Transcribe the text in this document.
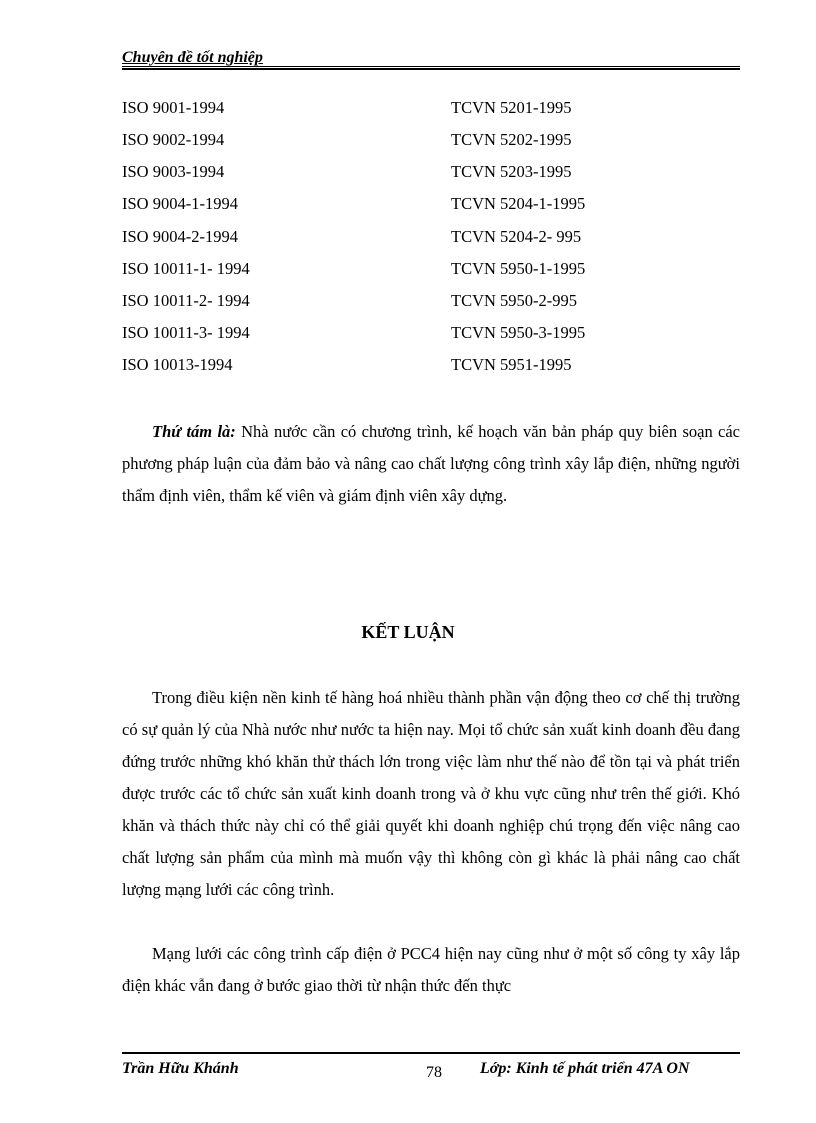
Chuyên đề tốt nghiệp
ISO 9001-1994	TCVN 5201-1995
ISO 9002-1994	TCVN 5202-1995
ISO 9003-1994	TCVN 5203-1995
ISO 9004-1-1994	TCVN 5204-1-1995
ISO 9004-2-1994	TCVN 5204-2- 995
ISO 10011-1- 1994	TCVN 5950-1-1995
ISO 10011-2- 1994	TCVN 5950-2-995
ISO 10011-3- 1994	TCVN 5950-3-1995
ISO 10013-1994	TCVN 5951-1995
Thứ tám là: Nhà nước cần có chương trình, kế hoạch văn bản pháp quy biên soạn các phương pháp luận của đảm bảo và nâng cao chất lượng công trình xây lắp điện, những người thẩm định viên, thẩm kế viên và giám định viên xây dựng.
KẾT LUẬN
Trong điều kiện nền kinh tế hàng hoá nhiều thành phần vận động theo cơ chế thị trường có sự quản lý của Nhà nước như nước ta hiện nay. Mọi tổ chức sản xuất kinh doanh đều đang đứng trước những khó khăn thử thách lớn trong việc làm như thế nào để tồn tại và phát triển được trước các tổ chức sản xuất kinh doanh trong và ở khu vực cũng như trên thế giới. Khó khăn và thách thức này chỉ có thể giải quyết khi doanh nghiệp chú trọng đến việc nâng cao chất lượng sản phẩm của mình mà muốn vậy thì không còn gì khác là phải nâng cao chất lượng mạng lưới các công trình.
Mạng lưới các công trình cấp điện ở PCC4 hiện nay cũng như ở một số công ty xây lắp điện khác vẫn đang ở bước giao thời từ nhận thức đến thực
Trần Hữu Khánh	78 Lớp: Kinh tế phát triển 47A ON
